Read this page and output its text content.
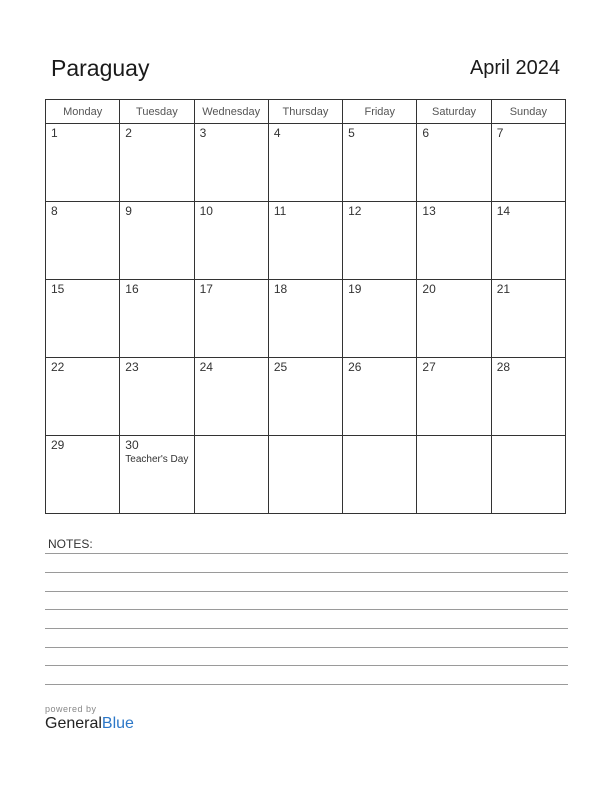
Paraguay	April 2024
Monday	Tuesday	Wednesday	Thursday	Friday	Saturday	Sunday

1	2	3	4	5	6	7

8	9	10	11	12	13	14

15	16	17	18	19	20	21

22	23	24	25	26	27	28

29	30
Teacher's Day					

NOTES:
powered by
GeneralBlue
